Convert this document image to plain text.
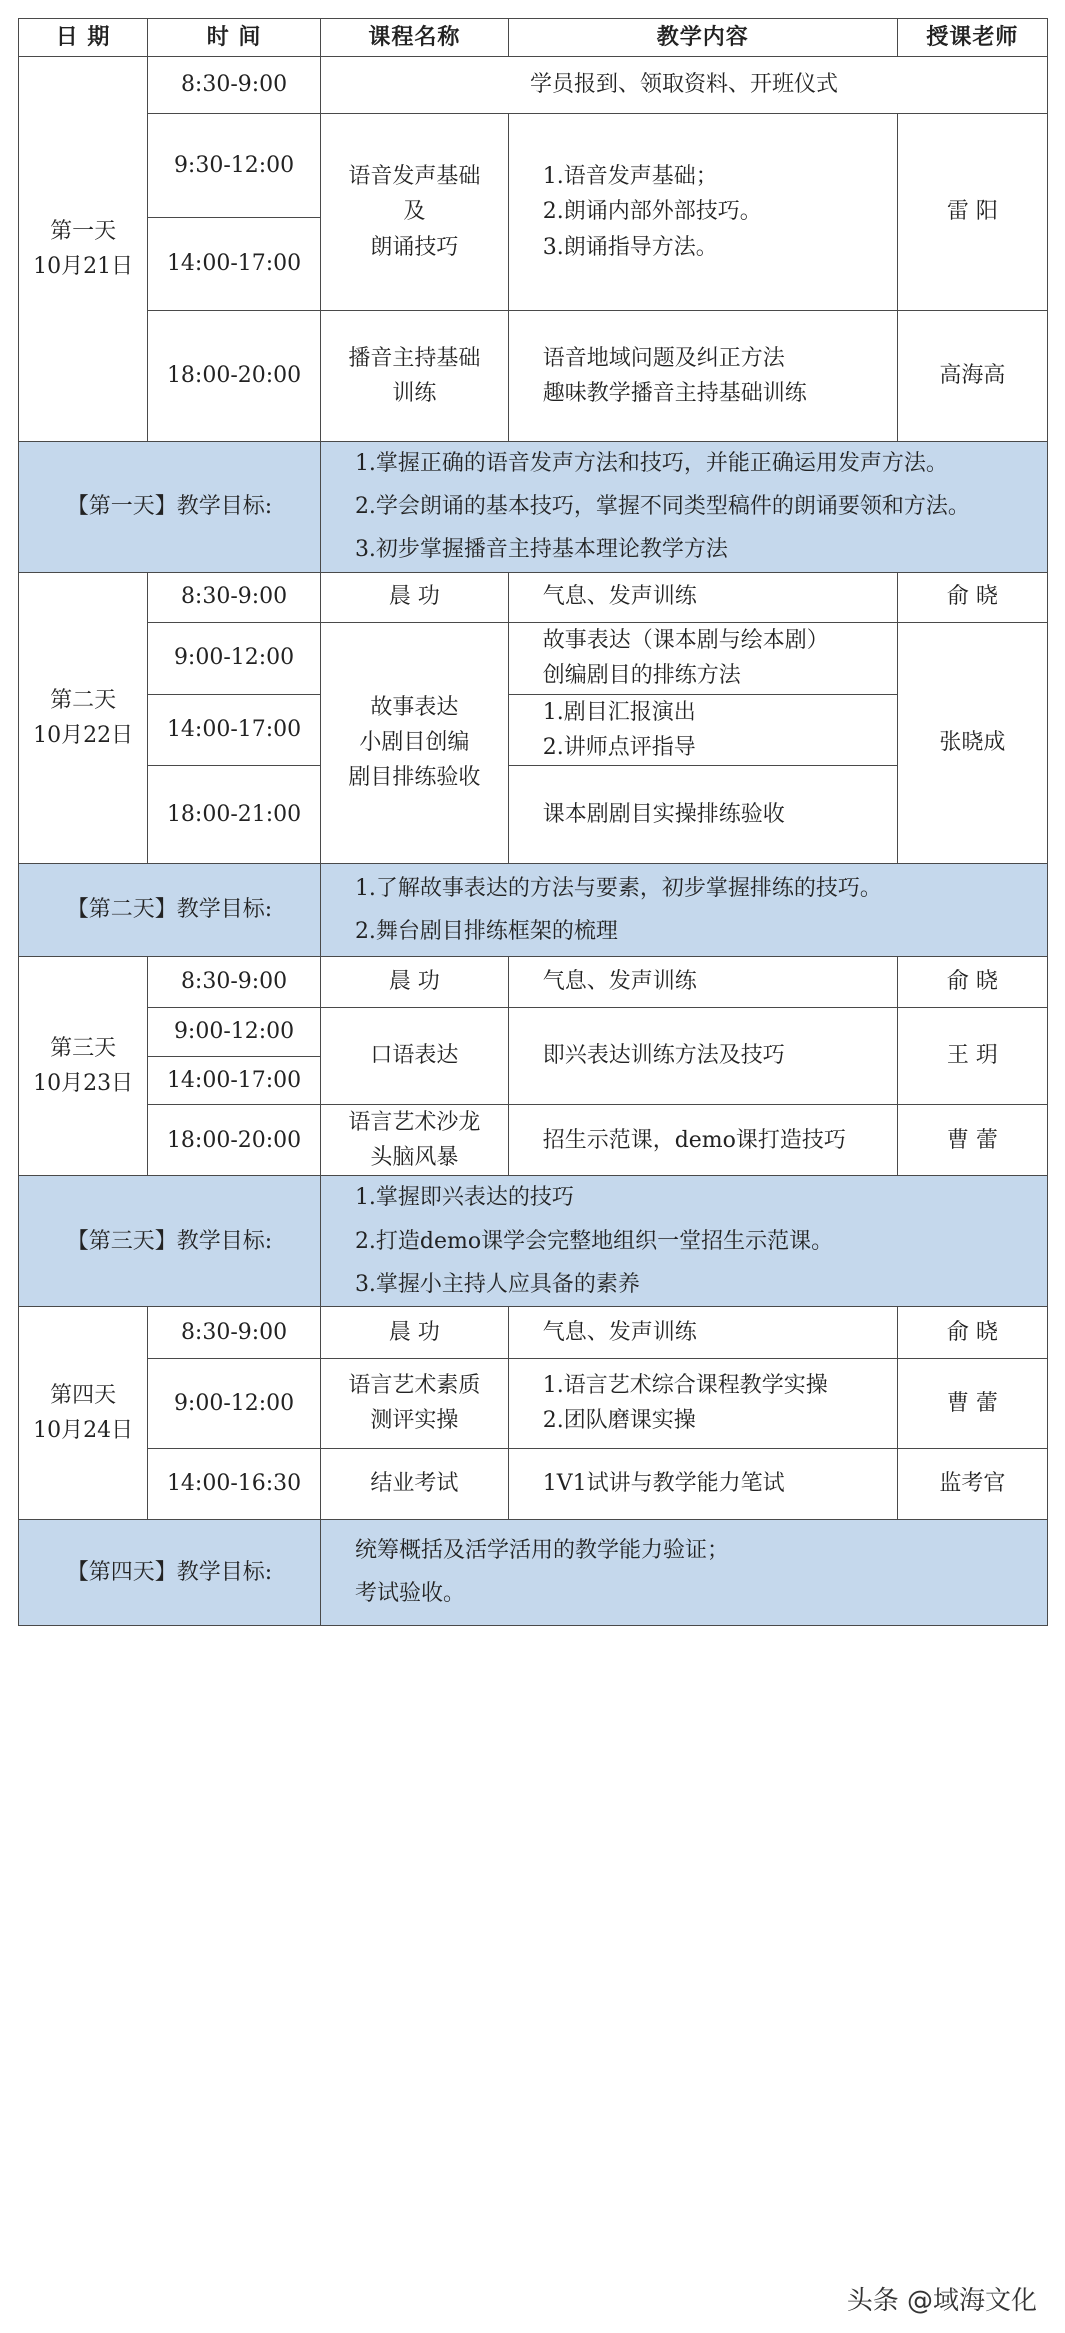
日 期	时 间	课程名称	教学内容	授课老师

第一天
10月21日	8:30-9:00	学员报到、领取资料、开班仪式		
	9:30-12:00	语音发声基础
及
朗诵技巧	1.语音发声基础；
2.朗诵内部外部技巧。
3.朗诵指导方法。	雷 阳
	14:00-17:00			
	18:00-20:00	播音主持基础
训练	语音地域问题及纠正方法
趣味教学播音主持基础训练	高海高
【第一天】教学目标:		1.掌握正确的语音发声方法和技巧，并能正确运用发声方法。
2.学会朗诵的基本技巧，掌握不同类型稿件的朗诵要领和方法。
3.初步掌握播音主持基本理论教学方法		

第二天
10月22日	8:30-9:00	晨 功	气息、发声训练	俞 晓
	9:00-12:00	故事表达
小剧目创编
剧目排练验收	故事表达（课本剧与绘本剧）
创编剧目的排练方法	张晓成
	14:00-17:00		1.剧目汇报演出
2.讲师点评指导	

	18:00-21:00		课本剧剧目实操排练验收	
【第二天】教学目标:		1.了解故事表达的方法与要素，初步掌握排练的技巧。
2.舞台剧目排练框架的梳理		

第三天
10月23日	8:30-9:00	晨 功	气息、发声训练	俞 晓
	9:00-12:00	口语表达	即兴表达训练方法及技巧	王 玥
	14:00-17:00			
	18:00-20:00	语言艺术沙龙
头脑风暴	招生示范课，demo课打造技巧	曹 蕾
【第三天】教学目标:		1.掌握即兴表达的技巧
2.打造demo课学会完整地组织一堂招生示范课。
3.掌握小主持人应具备的素养		

第四天
10月24日	8:30-9:00	晨 功	气息、发声训练	俞 晓
	9:00-12:00	语言艺术素质
测评实操	1.语言艺术综合课程教学实操
2.团队磨课实操	曹 蕾
	14:00-16:30	结业考试	1V1试讲与教学能力笔试	监考官
【第四天】教学目标:		统筹概括及活学活用的教学能力验证；
考试验收。		
头条 @域海文化
